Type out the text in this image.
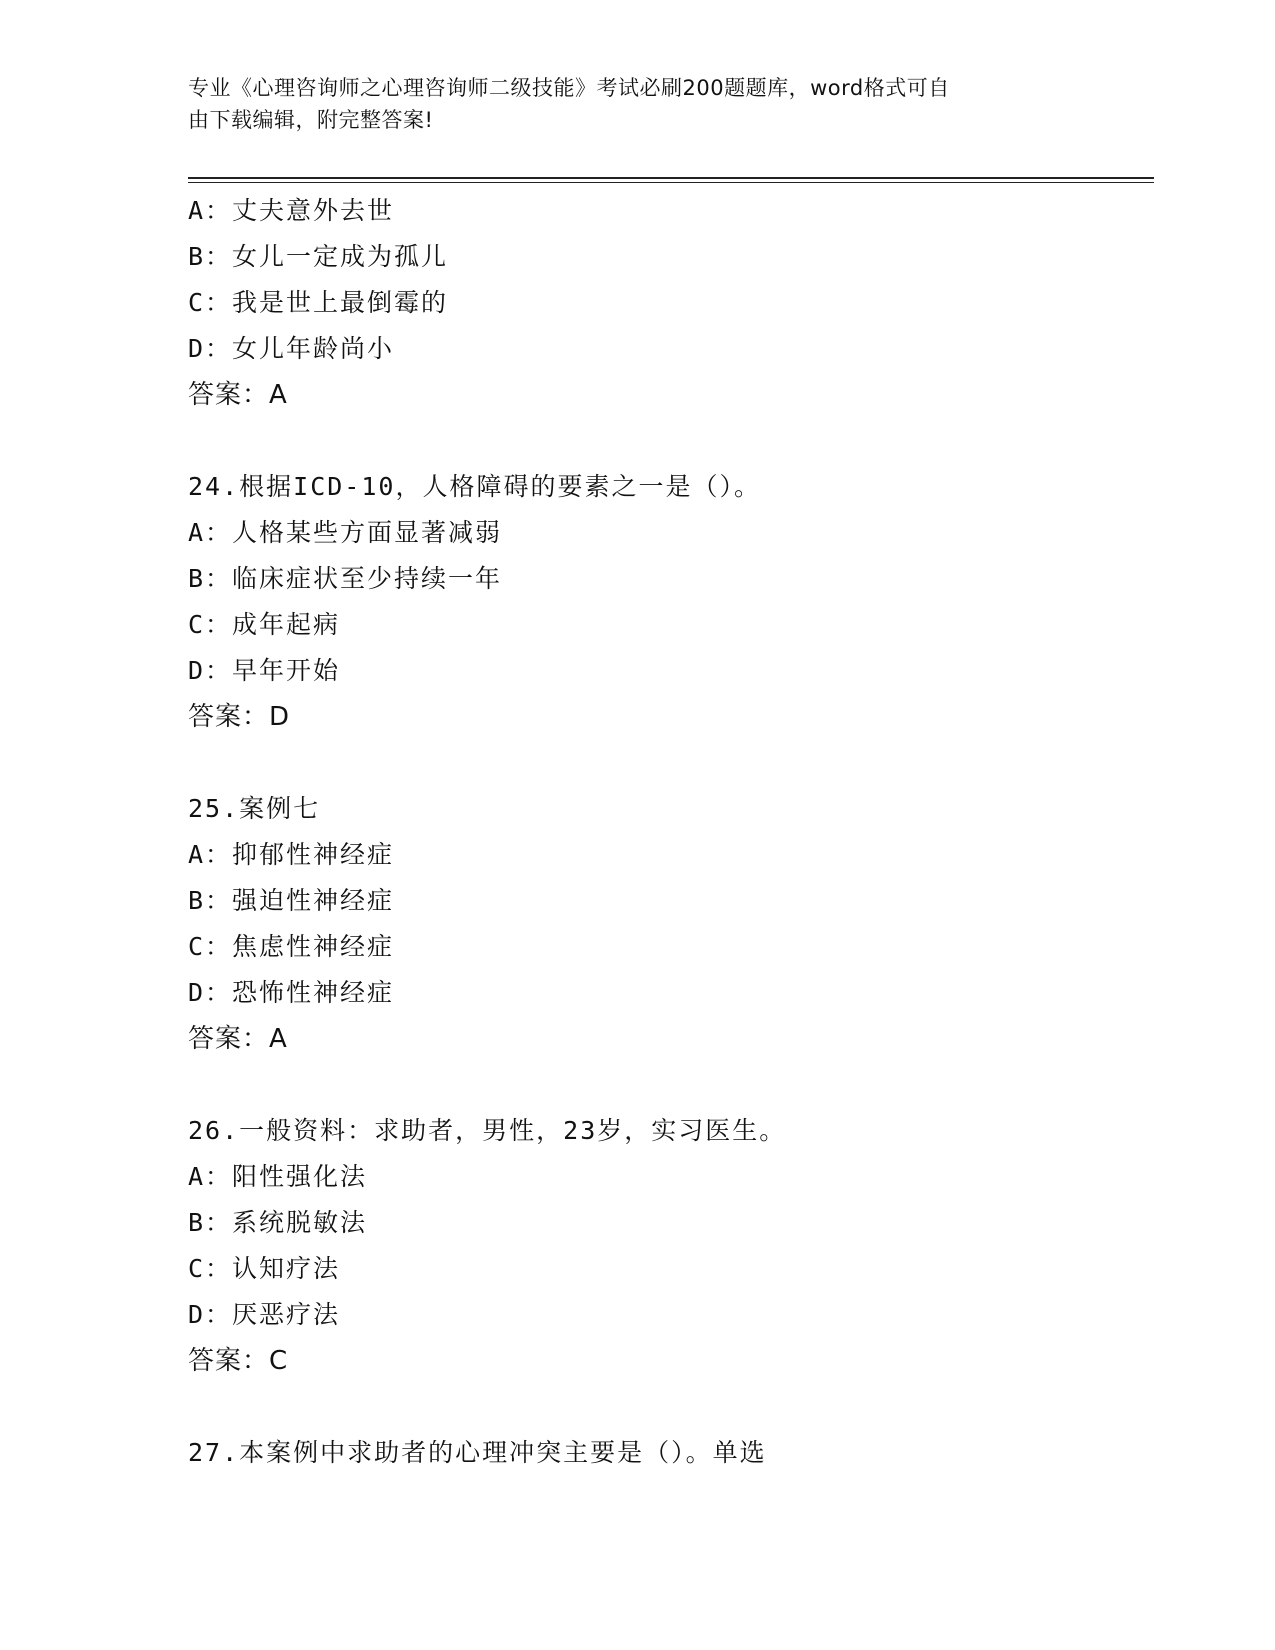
专业《心理咨询师之心理咨询师二级技能》考试必刷200题题库，word格式可自
由下载编辑，附完整答案!
A：丈夫意外去世
B：女儿一定成为孤儿
C：我是世上最倒霉的
D：女儿年龄尚小
答案：A
24.根据ICD-10，人格障碍的要素之一是（）。
A：人格某些方面显著减弱
B：临床症状至少持续一年
C：成年起病
D：早年开始
答案：D
25.案例七
A：抑郁性神经症
B：强迫性神经症
C：焦虑性神经症
D：恐怖性神经症
答案：A
26.一般资料：求助者，男性，23岁，实习医生。
A：阳性强化法
B：系统脱敏法
C：认知疗法
D：厌恶疗法
答案：C
27.本案例中求助者的心理冲突主要是（）。单选
